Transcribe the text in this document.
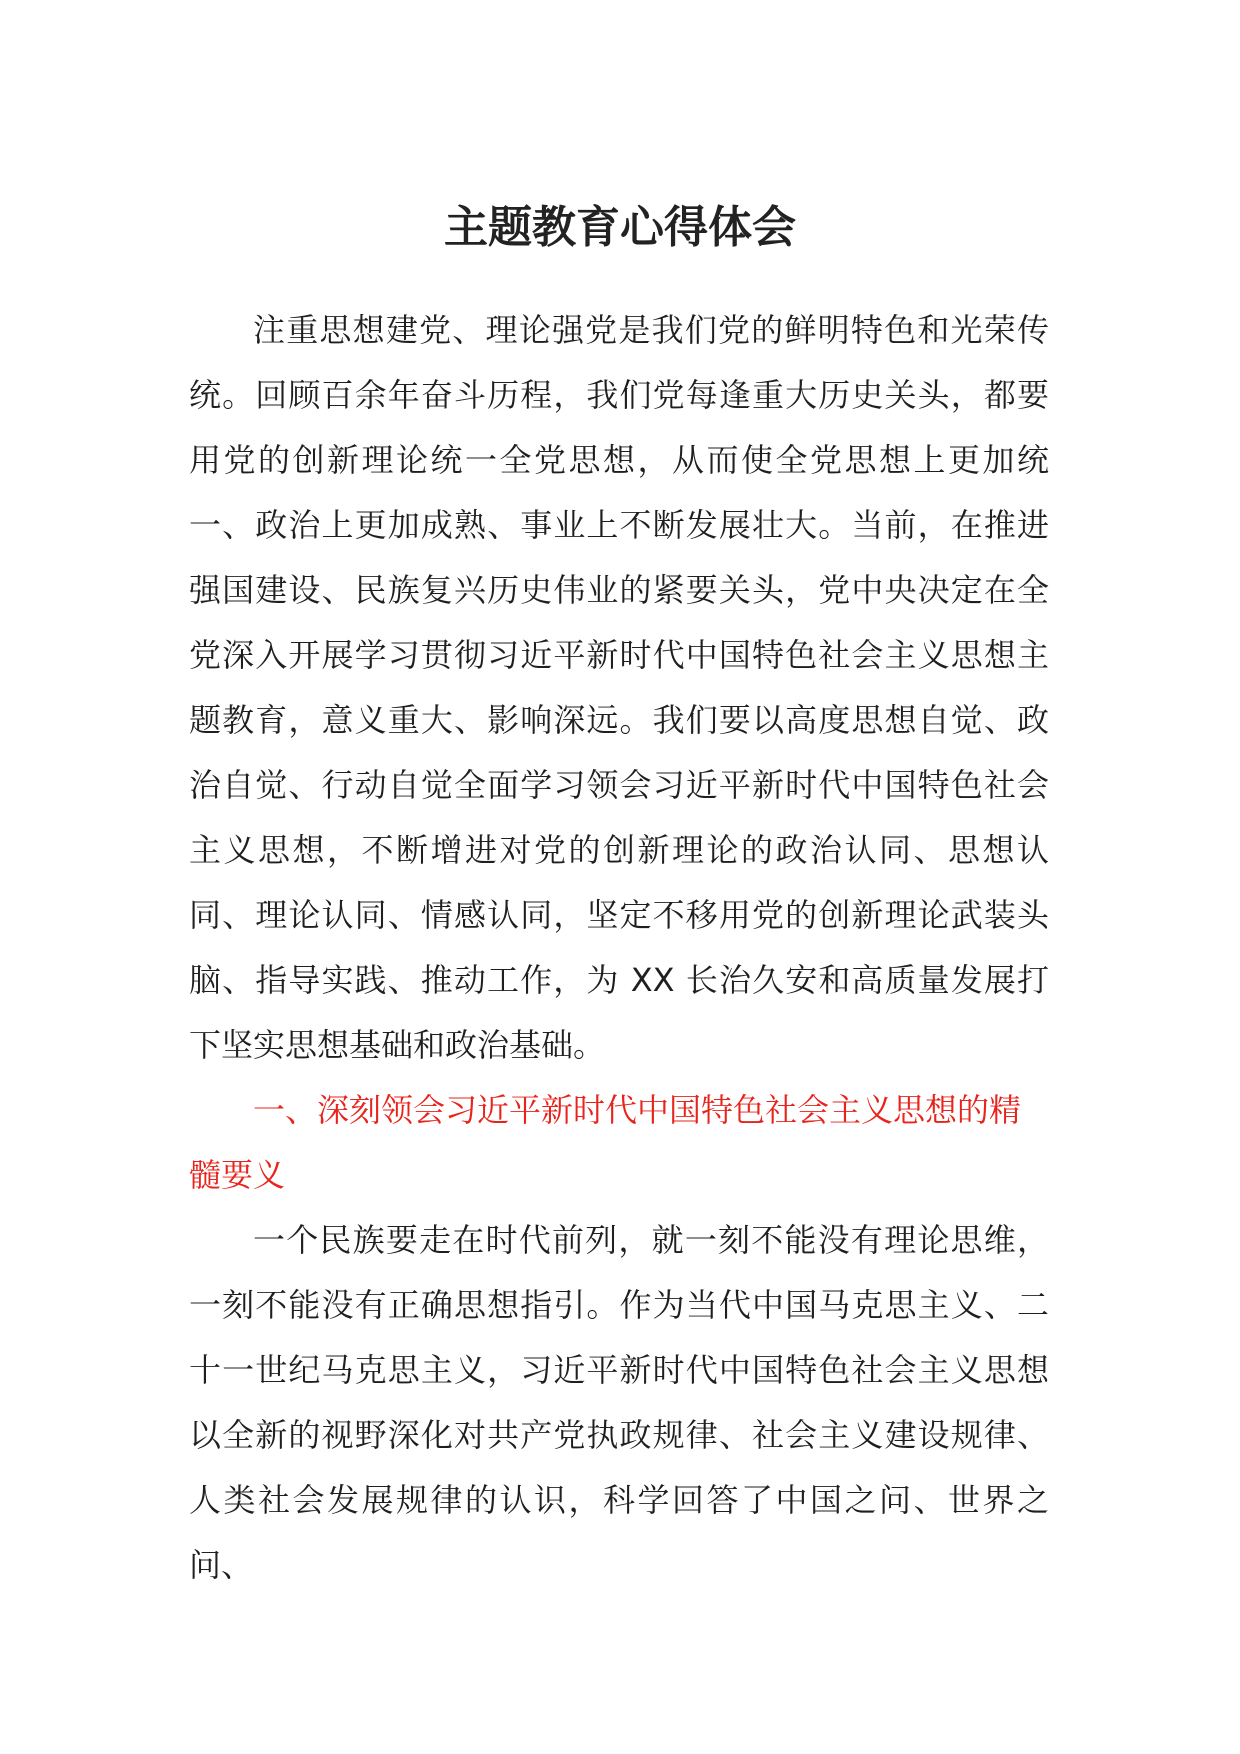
主题教育心得体会

注重思想建党、理论强党是我们党的鲜明特色和光荣传统。回顾百余年奋斗历程，我们党每逢重大历史关头，都要用党的创新理论统一全党思想，从而使全党思想上更加统一、政治上更加成熟、事业上不断发展壮大。当前，在推进强国建设、民族复兴历史伟业的紧要关头，党中央决定在全党深入开展学习贯彻习近平新时代中国特色社会主义思想主题教育，意义重大、影响深远。我们要以高度思想自觉、政治自觉、行动自觉全面学习领会习近平新时代中国特色社会主义思想，不断增进对党的创新理论的政治认同、思想认同、理论认同、情感认同，坚定不移用党的创新理论武装头脑、指导实践、推动工作，为 XX 长治久安和高质量发展打下坚实思想基础和政治基础。

一、深刻领会习近平新时代中国特色社会主义思想的精髓要义

一个民族要走在时代前列，就一刻不能没有理论思维，一刻不能没有正确思想指引。作为当代中国马克思主义、二十一世纪马克思主义，习近平新时代中国特色社会主义思想以全新的视野深化对共产党执政规律、社会主义建设规律、人类社会发展规律的认识，科学回答了中国之问、世界之问、
